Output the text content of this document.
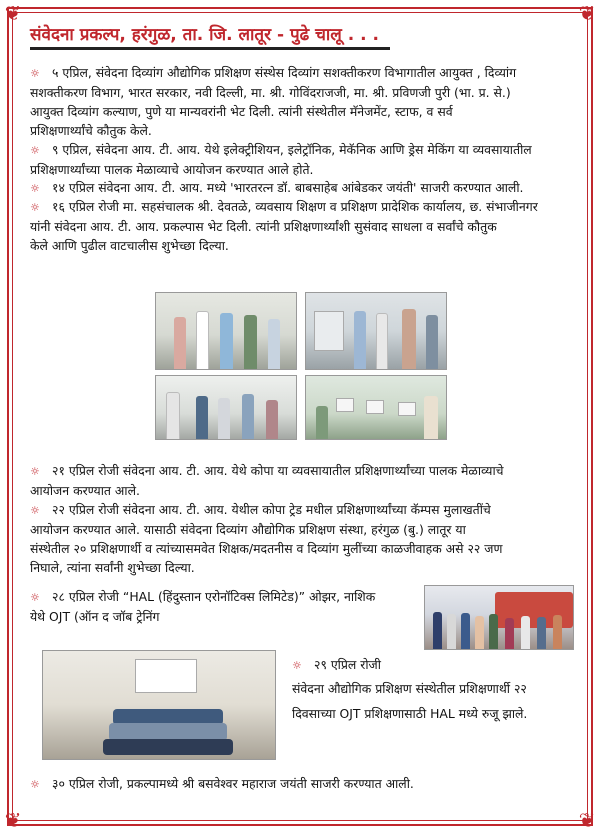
❦	❦
❦	❦
संवेदना प्रकल्प, हरंगुळ, ता. जि. लातूर - पुढे चालू . . .
☼ ५ एप्रिल, संवेदना दिव्यांग औद्योगिक प्रशिक्षण संस्थेस दिव्यांग सशक्तीकरण विभागातील आयुक्त , दिव्यांग
सशक्तीकरण विभाग, भारत सरकार, नवी दिल्ली, मा. श्री. गोविंदराजजी, मा. श्री. प्रविणजी पुरी (भा. प्र. से.)
आयुक्त दिव्यांग कल्याण, पुणे या मान्यवरांनी भेट दिली. त्यांनी संस्थेतील मॅनेजमेंट, स्टाफ, व सर्व
प्रशिक्षणार्थ्यांचे कौतुक केले.
☼ ९ एप्रिल, संवेदना आय. टी. आय. येथे इलेक्ट्रीशियन, इलेट्रॉनिक, मेकॅनिक आणि ड्रेस मेकिंग या व्यवसायातील
प्रशिक्षणार्थ्यांच्या पालक मेळाव्याचे आयोजन करण्यात आले होते.
☼ १४ एप्रिल संवेदना आय. टी. आय. मध्ये 'भारतरत्न डॉ. बाबसाहेब आंबेडकर जयंती' साजरी करण्यात आली.
☼ १६ एप्रिल रोजी मा. सहसंचालक श्री. देवतळे, व्यवसाय शिक्षण व प्रशिक्षण प्रादेशिक कार्यालय, छ. संभाजीनगर
यांनी संवेदना आय. टी. आय. प्रकल्पास भेट दिली. त्यांनी प्रशिक्षणार्थ्यांशी सुसंवाद साधला व सर्वांचे कौतुक
केले आणि पुढील वाटचालीस शुभेच्छा दिल्या.
☼ २१ एप्रिल रोजी संवेदना आय. टी. आय. येथे कोपा या व्यवसायातील प्रशिक्षणार्थ्यांच्या पालक मेळाव्याचे
आयोजन करण्यात आले.
☼ २२ एप्रिल रोजी संवेदना आय. टी. आय. येथील कोपा ट्रेड मधील प्रशिक्षणार्थ्यांच्या कॅम्पस मुलाखतींचे
आयोजन करण्यात आले. यासाठी संवेदना दिव्यांग औद्योगिक प्रशिक्षण संस्था, हरंगुळ (बु.) लातूर या
संस्थेतील २० प्रशिक्षणार्थी व त्यांच्यासमवेत शिक्षक/मदतनीस व दिव्यांग मुलींच्या काळजीवाहक असे २२ जण
निघाले, त्यांना सर्वांनी शुभेच्छा दिल्या.
☼ २८ एप्रिल रोजी “HAL (हिंदुस्तान एरोनॉटिक्स लिमिटेड)” ओझर, नाशिक
येथे OJT (ऑन द जॉब ट्रेनिंग
☼ २९ एप्रिल रोजी
संवेदना औद्योगिक प्रशिक्षण संस्थेतील प्रशिक्षणार्थी २२
दिवसाच्या OJT प्रशिक्षणासाठी HAL मध्ये रुजू झाले.
☼ ३० एप्रिल रोजी, प्रकल्पामध्ये श्री बसवेश्वर महाराज जयंती साजरी करण्यात आली.
